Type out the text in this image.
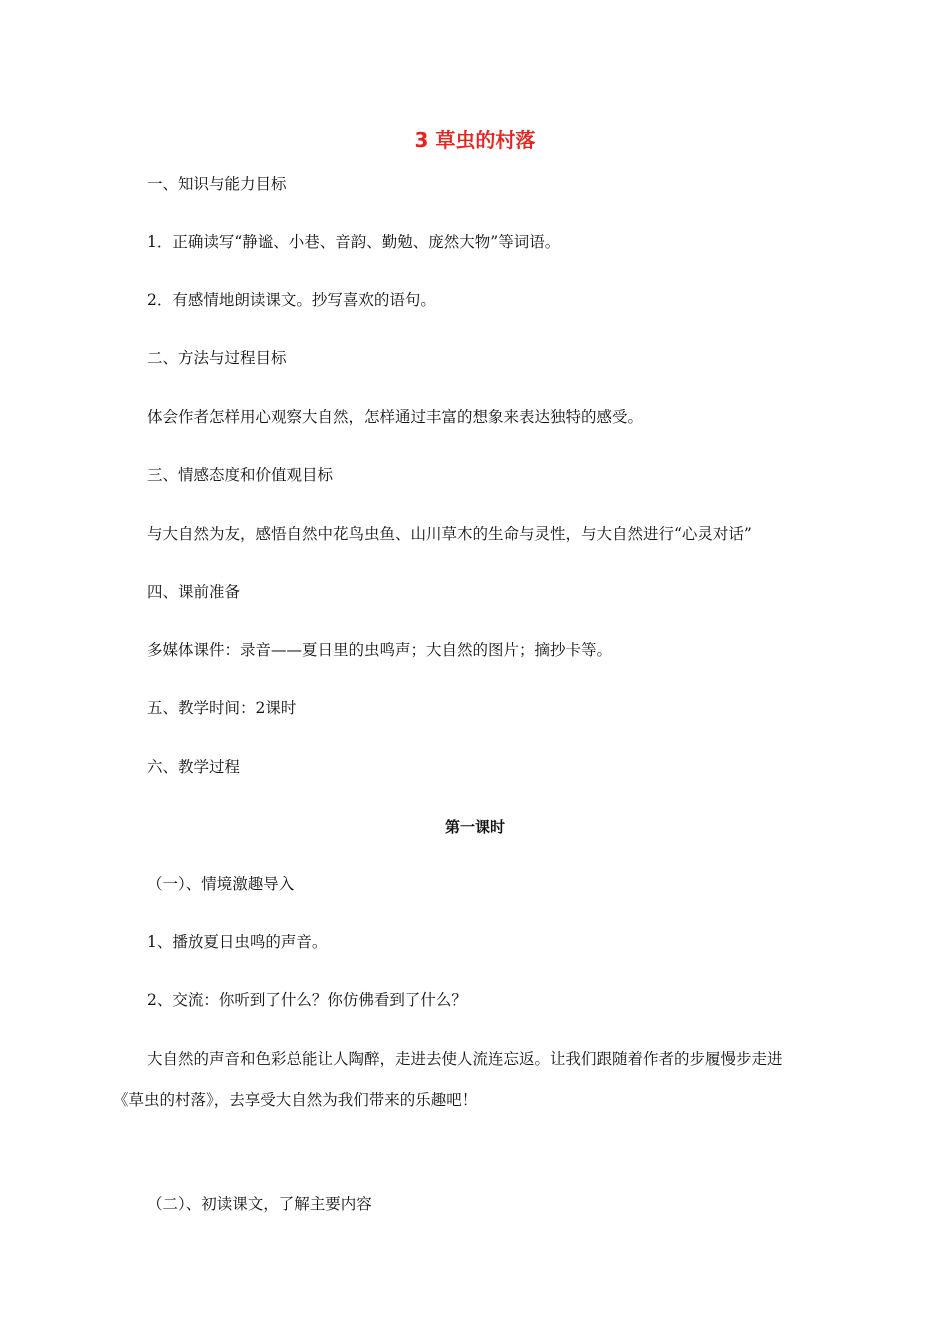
3 草虫的村落
一、知识与能力目标
1．正确读写“静谧、小巷、音韵、勤勉、庞然大物”等词语。
2．有感情地朗读课文。抄写喜欢的语句。
二、方法与过程目标
体会作者怎样用心观察大自然，怎样通过丰富的想象来表达独特的感受。
三、情感态度和价值观目标
与大自然为友，感悟自然中花鸟虫鱼、山川草木的生命与灵性，与大自然进行“心灵对话”
四、课前准备
多媒体课件：录音——夏日里的虫鸣声；大自然的图片；摘抄卡等。
五、教学时间：2课时
六、教学过程
第一课时
（一）、情境激趣导入
1、播放夏日虫鸣的声音。
2、交流：你听到了什么？你仿佛看到了什么？
大自然的声音和色彩总能让人陶醉，走进去使人流连忘返。让我们跟随着作者的步履慢步走进
《草虫的村落》，去享受大自然为我们带来的乐趣吧！
（二）、初读课文，了解主要内容
